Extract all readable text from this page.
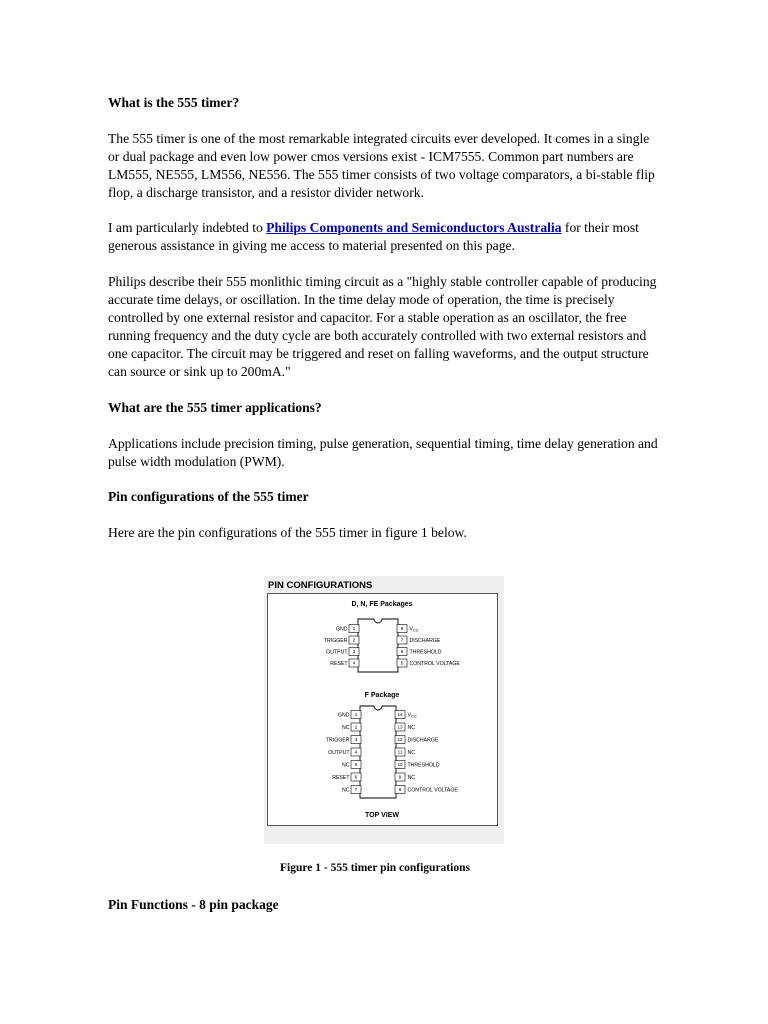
What is the 555 timer?

The 555 timer is one of the most remarkable integrated circuits ever developed. It comes in a single or dual package and even low power cmos versions exist - ICM7555. Common part numbers are LM555, NE555, LM556, NE556. The 555 timer consists of two voltage comparators, a bi-stable flip flop, a discharge transistor, and a resistor divider network.

I am particularly indebted to Philips Components and Semiconductors Australia for their most generous assistance in giving me access to material presented on this page.

Philips describe their 555 monlithic timing circuit as a "highly stable controller capable of producing accurate time delays, or oscillation. In the time delay mode of operation, the time is precisely controlled by one external resistor and capacitor. For a stable operation as an oscillator, the free running frequency and the duty cycle are both accurately controlled with two external resistors and one capacitor. The circuit may be triggered and reset on falling waveforms, and the output structure can source or sink up to 200mA."

What are the 555 timer applications?

Applications include precision timing, pulse generation, sequential timing, time delay generation and pulse width modulation (PWM).

Pin configurations of the 555 timer

Here are the pin configurations of the 555 timer in figure 1 below.

Pin Functions - 8 pin package
PIN CONFIGURATIONS
D, N, FE Packages
1
GND
2
TRIGGER
3
OUTPUT
4
RESET
8 $V_{CC}$
7 DISCHARGE
6 THRESHOLD
5 CONTROL VOLTAGE
F Package
1
GND
2
NC
3
TRIGGER
4
OUTPUT
5
NC
6
RESET
7
NC
14 $V_{CC}$
13 NC
12 DISCHARGE
11 NC
10 THRESHOLD
9 NC
8 CONTROL VOLTAGE
TOP VIEW
Figure 1 - 555 timer pin configurations
